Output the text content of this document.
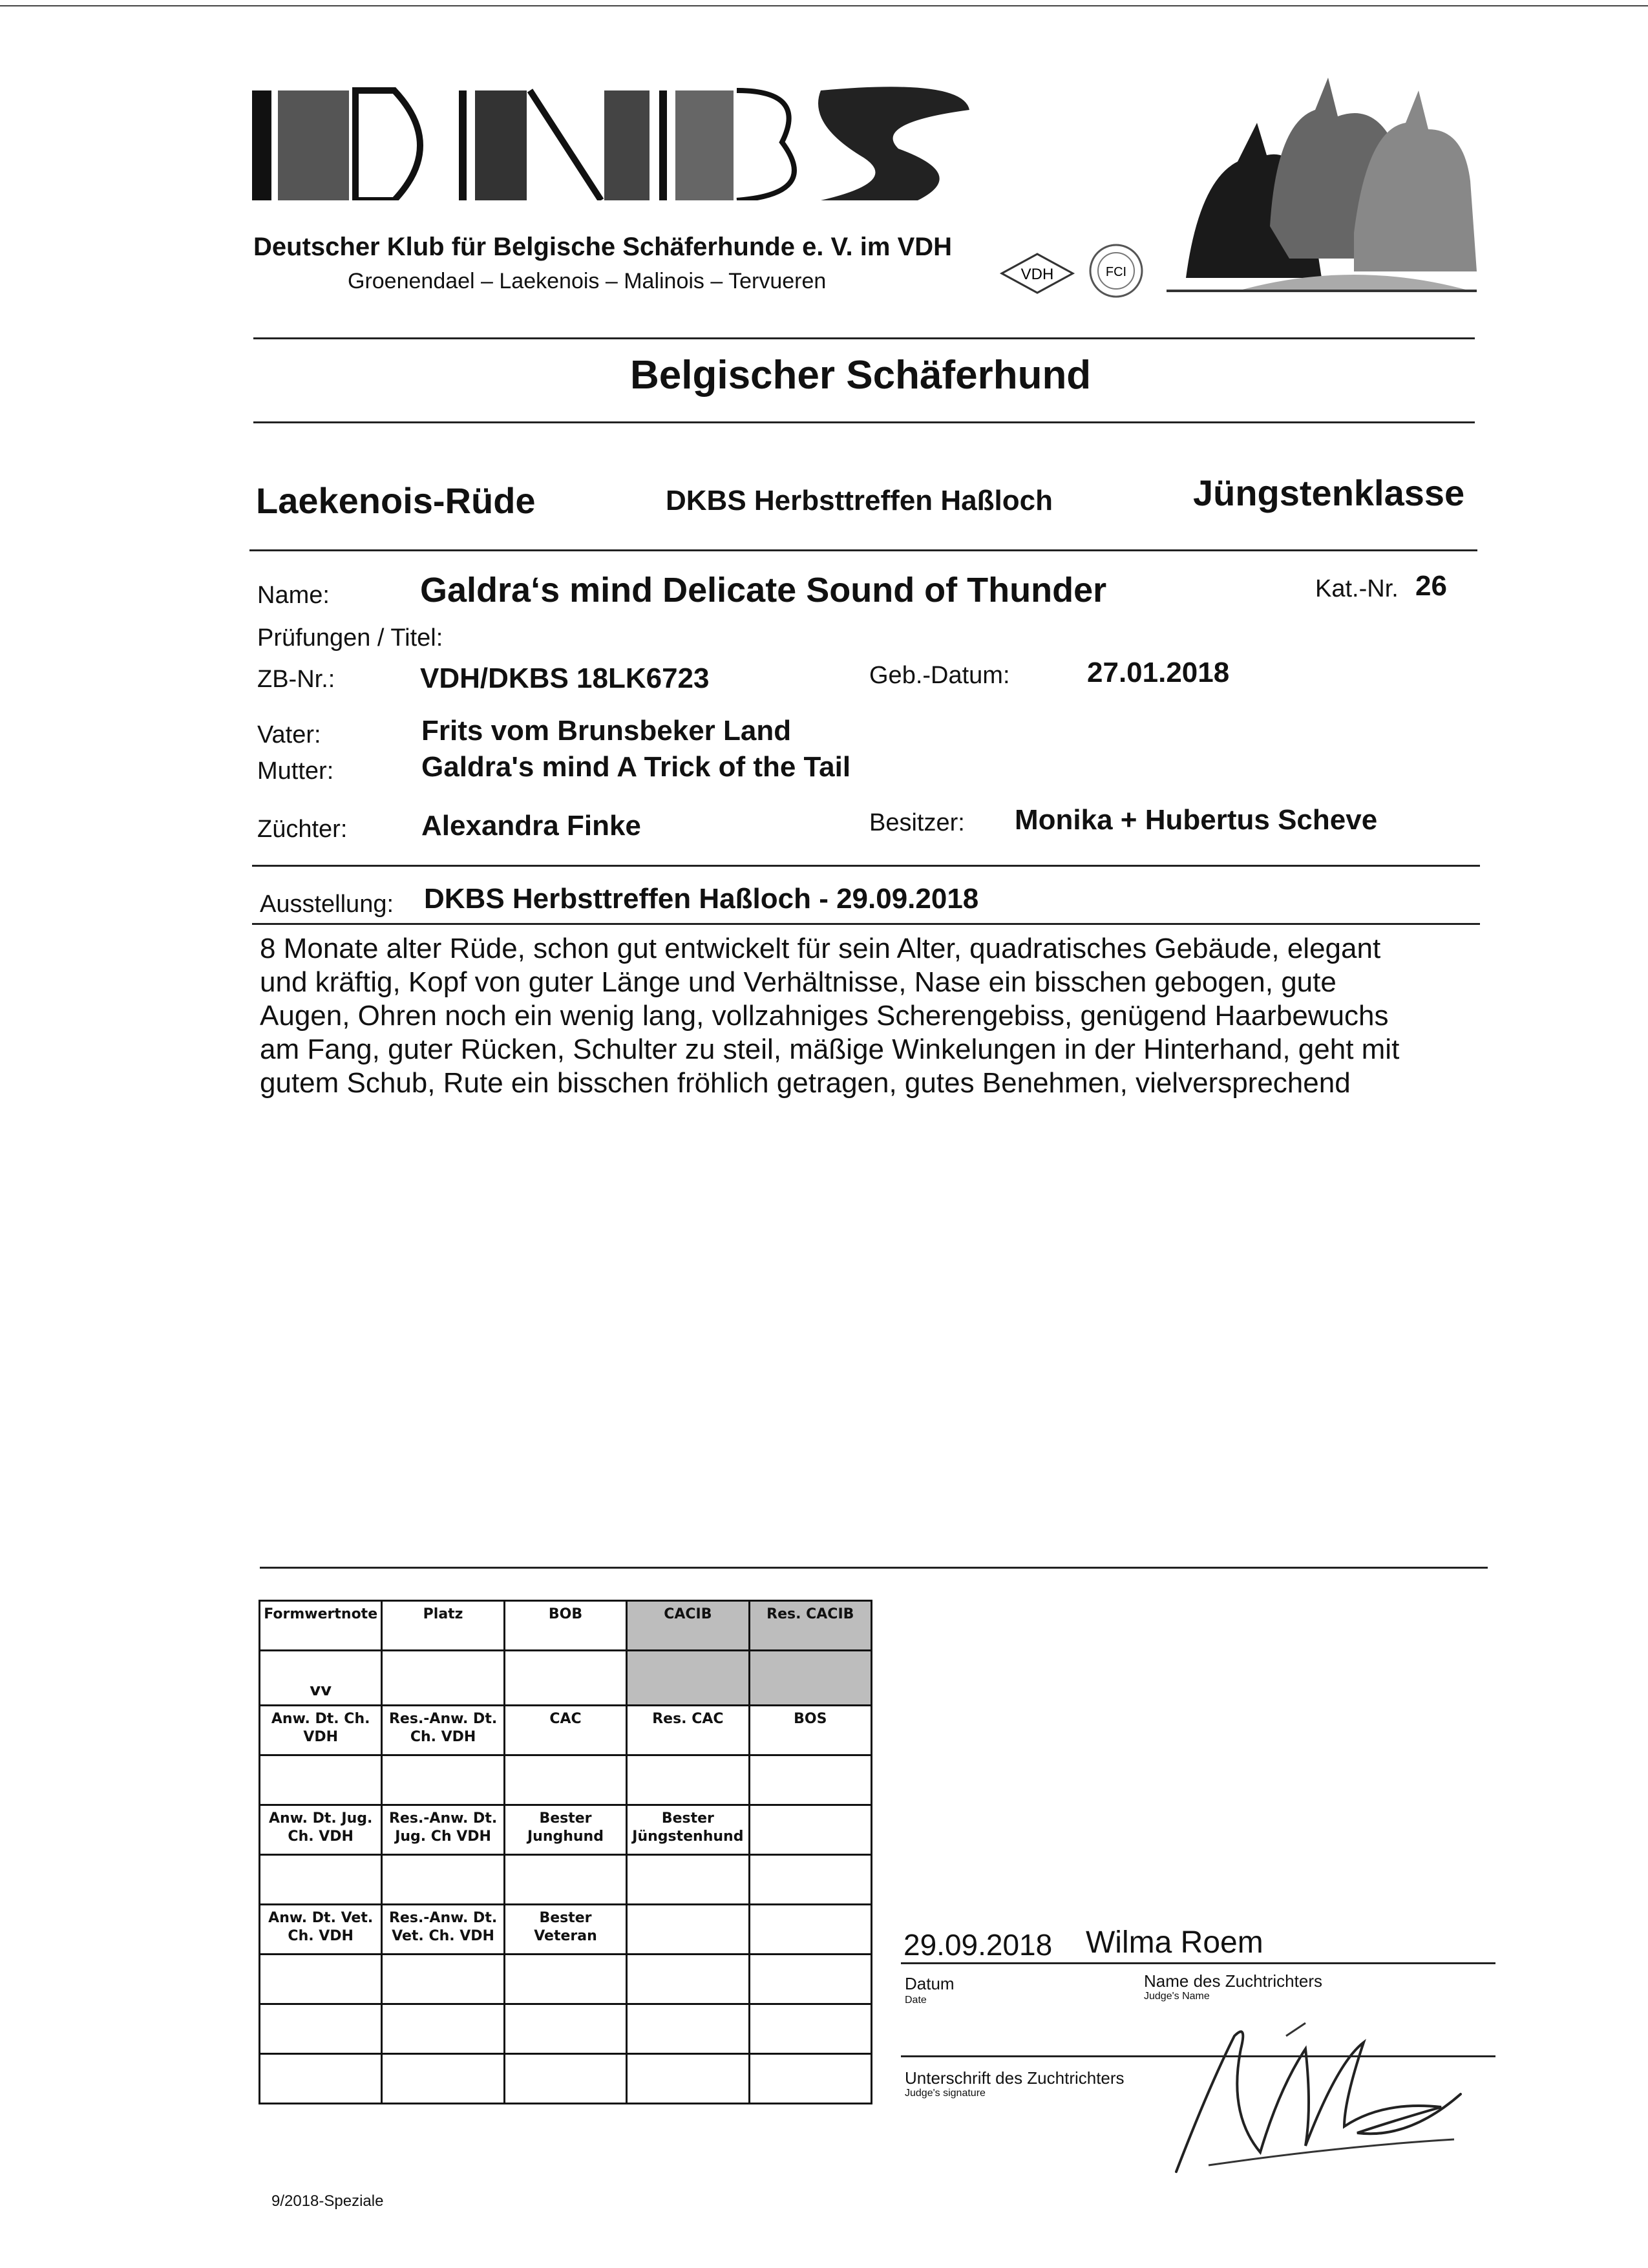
Deutscher Klub für Belgische Schäferhunde e. V. im VDH
Groenendael – Laekenois – Malinois – Tervueren	VDH	FCI
Belgischer Schäferhund
Laekenois-Rüde	DKBS Herbsttreffen Haßloch	Jüngstenklasse
Name:	Galdra‘s mind Delicate Sound of Thunder	Kat.-Nr. 26
Prüfungen / Titel:
ZB-Nr.:	VDH/DKBS 18LK6723	Geb.-Datum:	27.01.2018
Vater:	Frits vom Brunsbeker Land
Mutter:	Galdra's mind A Trick of the Tail
Züchter:	Alexandra Finke	Besitzer: Monika + Hubertus Scheve
Ausstellung: DKBS Herbsttreffen Haßloch - 29.09.2018

8 Monate alter Rüde, schon gut entwickelt für sein Alter, quadratisches Gebäude, elegant

und kräftig, Kopf von guter Länge und Verhältnisse, Nase ein bisschen gebogen, gute

Augen, Ohren noch ein wenig lang, vollzahniges Scherengebiss, genügend Haarbewuchs

am Fang, guter Rücken, Schulter zu steil, mäßige Winkelungen in der Hinterhand, geht mit

gutem Schub, Rute ein bisschen fröhlich getragen, gutes Benehmen, vielversprechend

Formwertnote	Platz	BOB	CACIB	Res. CACIB
vv				
Anw. Dt. Ch. VDH	Res.-Anw. Dt. Ch. VDH	CAC	Res. CAC	BOS

Anw. Dt. Jug. Ch. VDH	Res.-Anw. Dt. Jug. Ch VDH	Bester Junghund	Bester Jüngstenhund	

Anw. Dt. Vet. Ch. VDH	Res.-Anw. Dt. Vet. Ch. VDH	Bester Veteran		

					29.09.2018 Wilma Roem
Datum
Date
Name des Zuchtrichters
Judge's Name
Unterschrift des Zuchtrichters
Judge's signature
9/2018-Speziale
